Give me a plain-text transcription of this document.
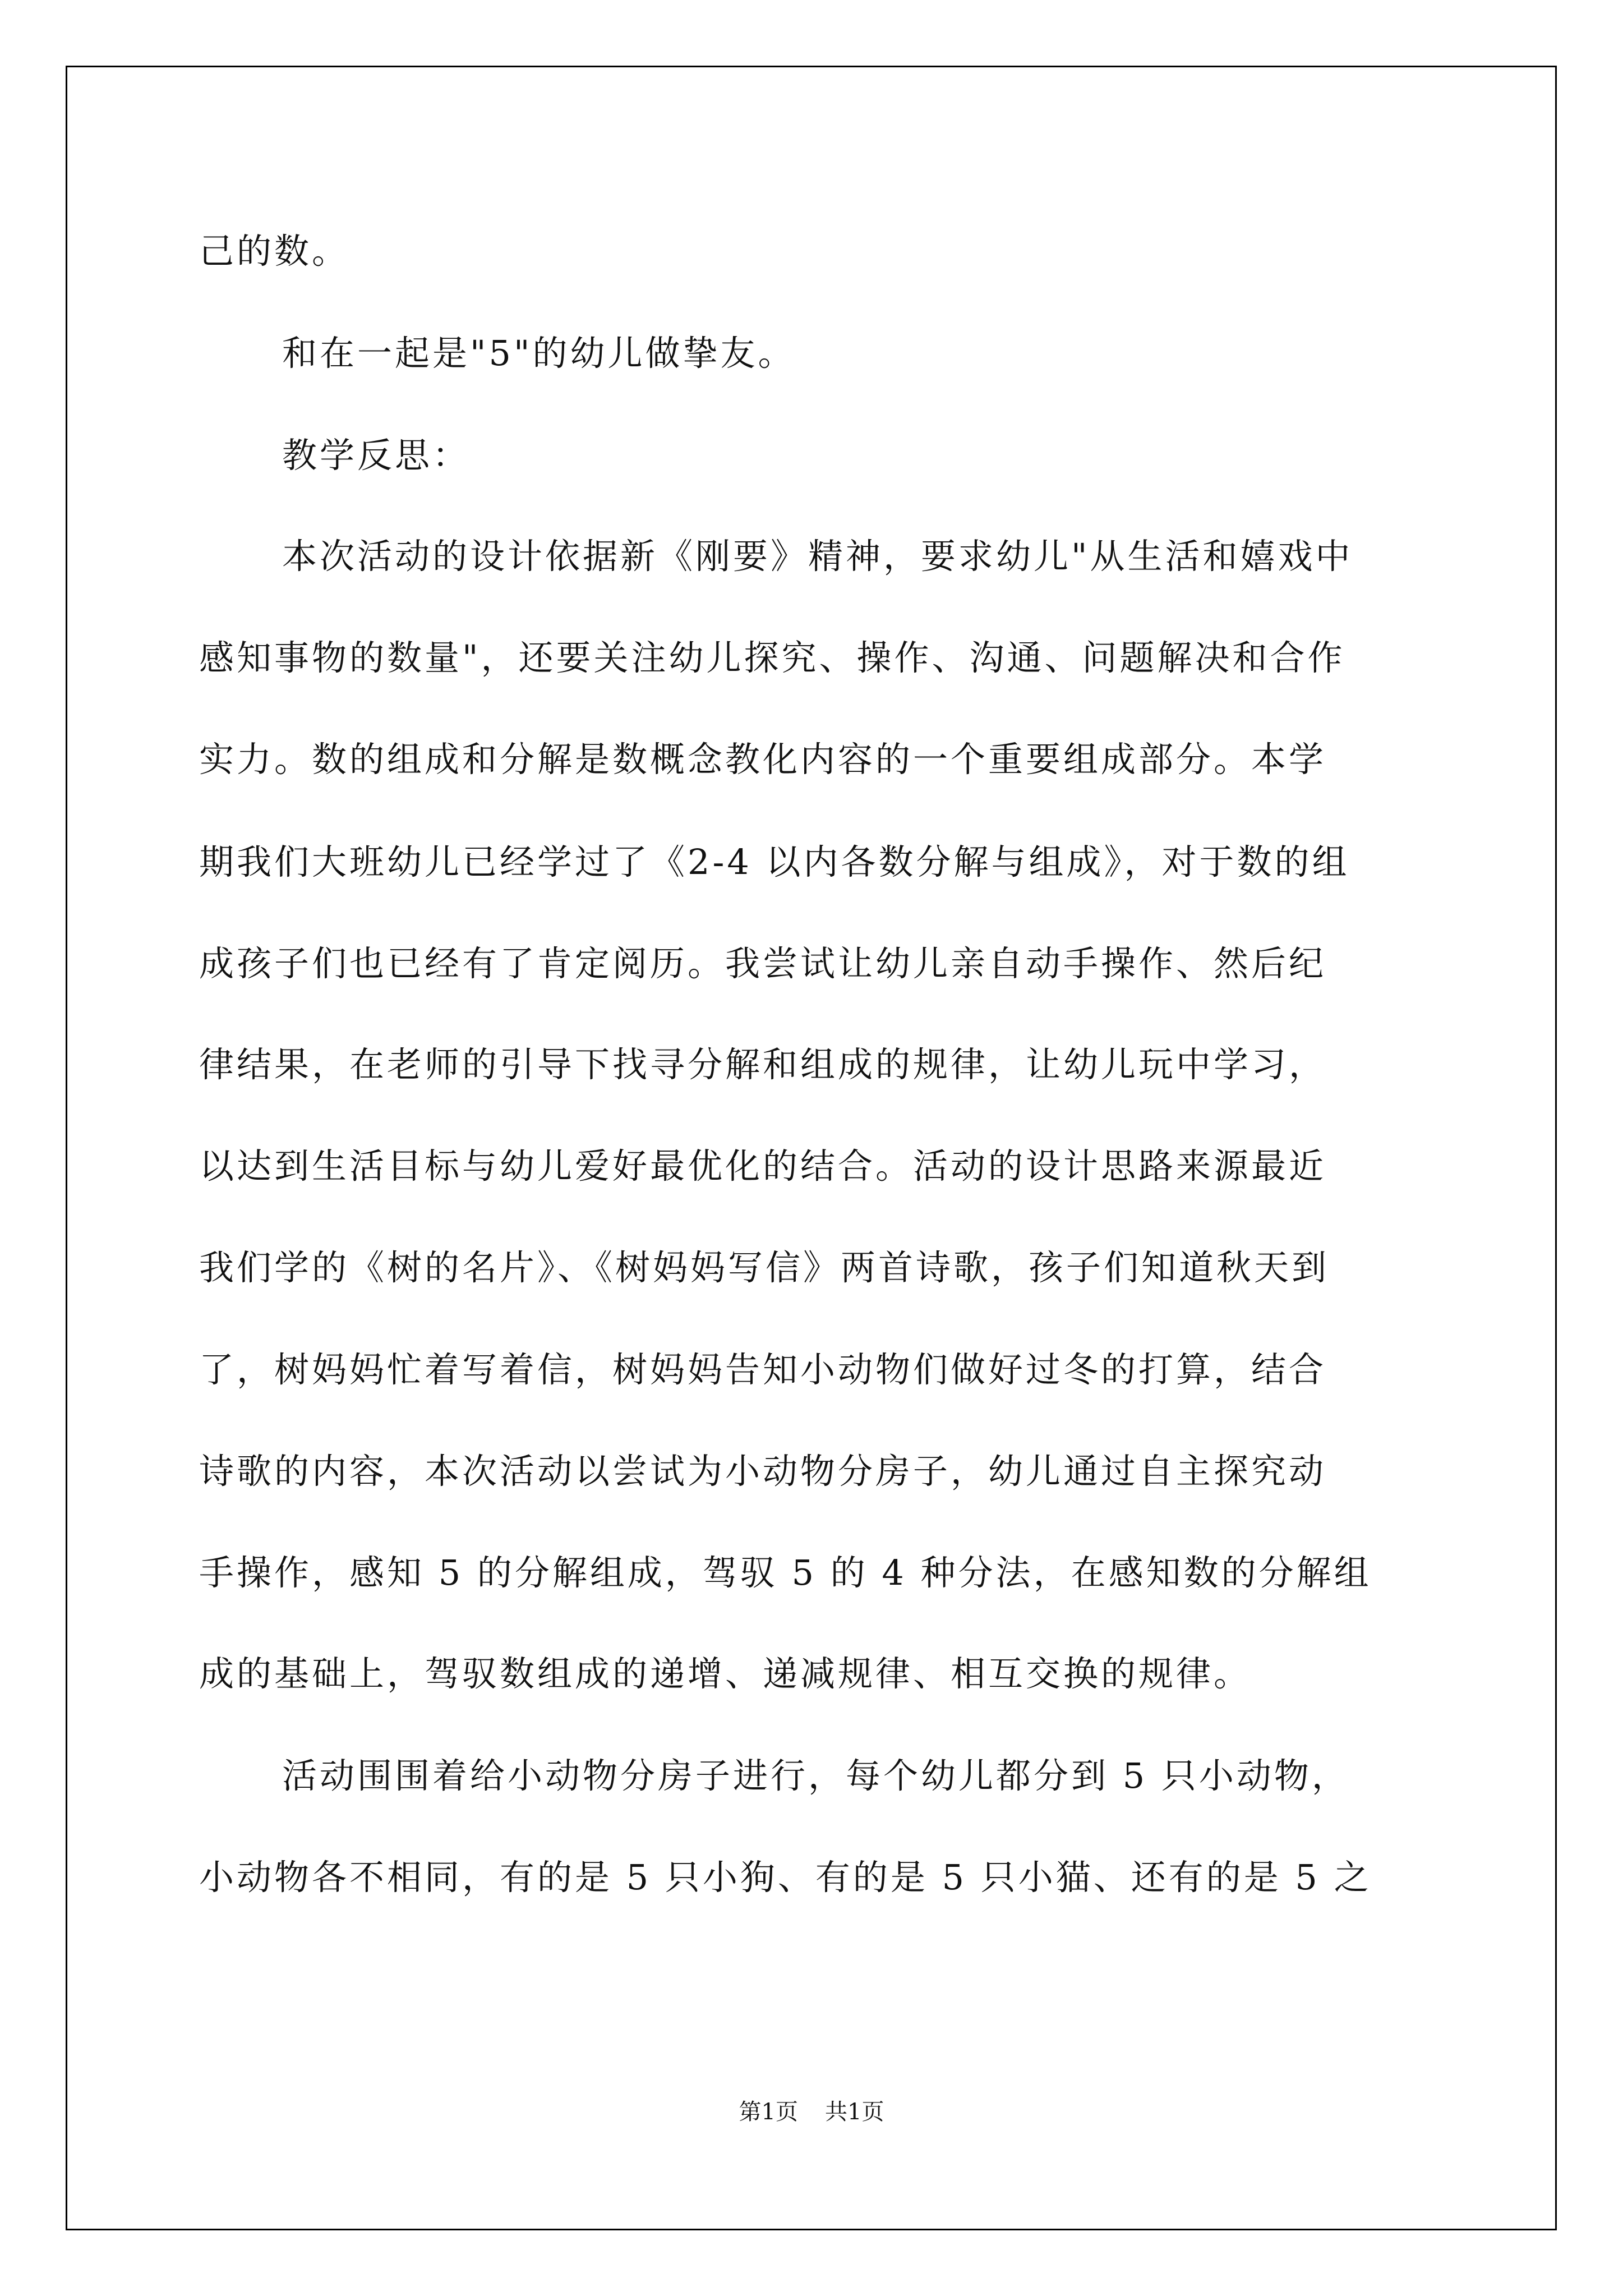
己的数。
和在一起是"5"的幼儿做挚友。
教学反思：
本次活动的设计依据新《刚要》精神，要求幼儿"从生活和嬉戏中
感知事物的数量"，还要关注幼儿探究、操作、沟通、问题解决和合作
实力。数的组成和分解是数概念教化内容的一个重要组成部分。本学
期我们大班幼儿已经学过了《2-4 以内各数分解与组成》，对于数的组
成孩子们也已经有了肯定阅历。我尝试让幼儿亲自动手操作、然后纪
律结果，在老师的引导下找寻分解和组成的规律，让幼儿玩中学习，
以达到生活目标与幼儿爱好最优化的结合。活动的设计思路来源最近
我们学的《树的名片》、《树妈妈写信》两首诗歌，孩子们知道秋天到
了，树妈妈忙着写着信，树妈妈告知小动物们做好过冬的打算，结合
诗歌的内容，本次活动以尝试为小动物分房子，幼儿通过自主探究动
手操作，感知 5 的分解组成，驾驭 5 的 4 种分法，在感知数的分解组
成的基础上，驾驭数组成的递增、递减规律、相互交换的规律。
活动围围着给小动物分房子进行，每个幼儿都分到 5 只小动物，
小动物各不相同，有的是 5 只小狗、有的是 5 只小猫、还有的是 5 之
第1页 共1页
